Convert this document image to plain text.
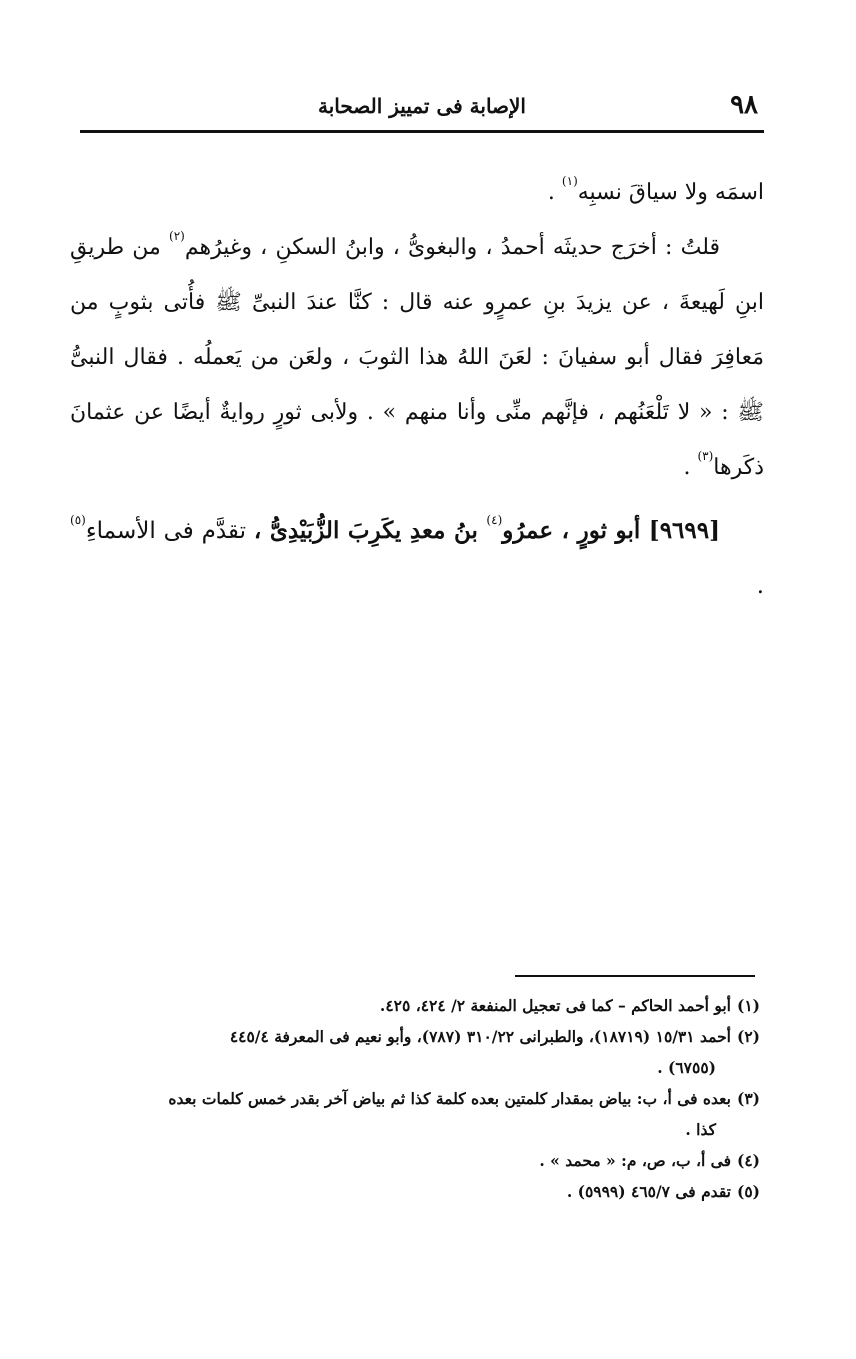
٩٨
الإصابة فى تمييز الصحابة

اسمَه ولا سياقَ نسبِه$^{(١)}$ .

قلتُ : أخرَج حديثَه أحمدُ ، والبغوىُّ ، وابنُ السكنِ ، وغيرُهم$^{(٢)}$ من طريقِ ابنِ لَهيعةَ ، عن يزيدَ بنِ عمرٍو عنه قال : كنَّا عندَ النبىِّ ﷺ فأُتى بثوبٍ من مَعافِرَ فقال أبو سفيانَ : لعَنَ اللهُ هذا الثوبَ ، ولعَن من يَعملُه . فقال النبىُّ ﷺ : « لا تَلْعَنُهم ، فإنَّهم منِّى وأنا منهم » . ولأبى ثورٍ روايةٌ أيضًا عن عثمانَ ذكَرها$^{(٣)}$ .

[٩٦٩٩] أبو ثورٍ ، عمرُو$^{(٤)}$ بنُ معدِ يكَرِبَ الزُّبَيْدِىُّ ، تقدَّم فى الأسماءِ$^{(٥)}$ .

(١)أبو أحمد الحاكم – كما فى تعجيل المنفعة ٢/ ٤٢٤، ٤٢٥.

(٢)أحمد ١٥/٣١ (١٨٧١٩)، والطبرانى ٣١٠/٢٢ (٧٨٧)، وأبو نعيم فى المعرفة ٤٤٥/٤

(٦٧٥٥) .

(٣)بعده فى أ، ب: بياض بمقدار كلمتين بعده كلمة كذا ثم بياض آخر بقدر خمس كلمات بعده

كذا .

(٤)فى أ، ب، ص، م: « محمد » .

(٥)تقدم فى ٤٦٥/٧ (٥٩٩٩) .
